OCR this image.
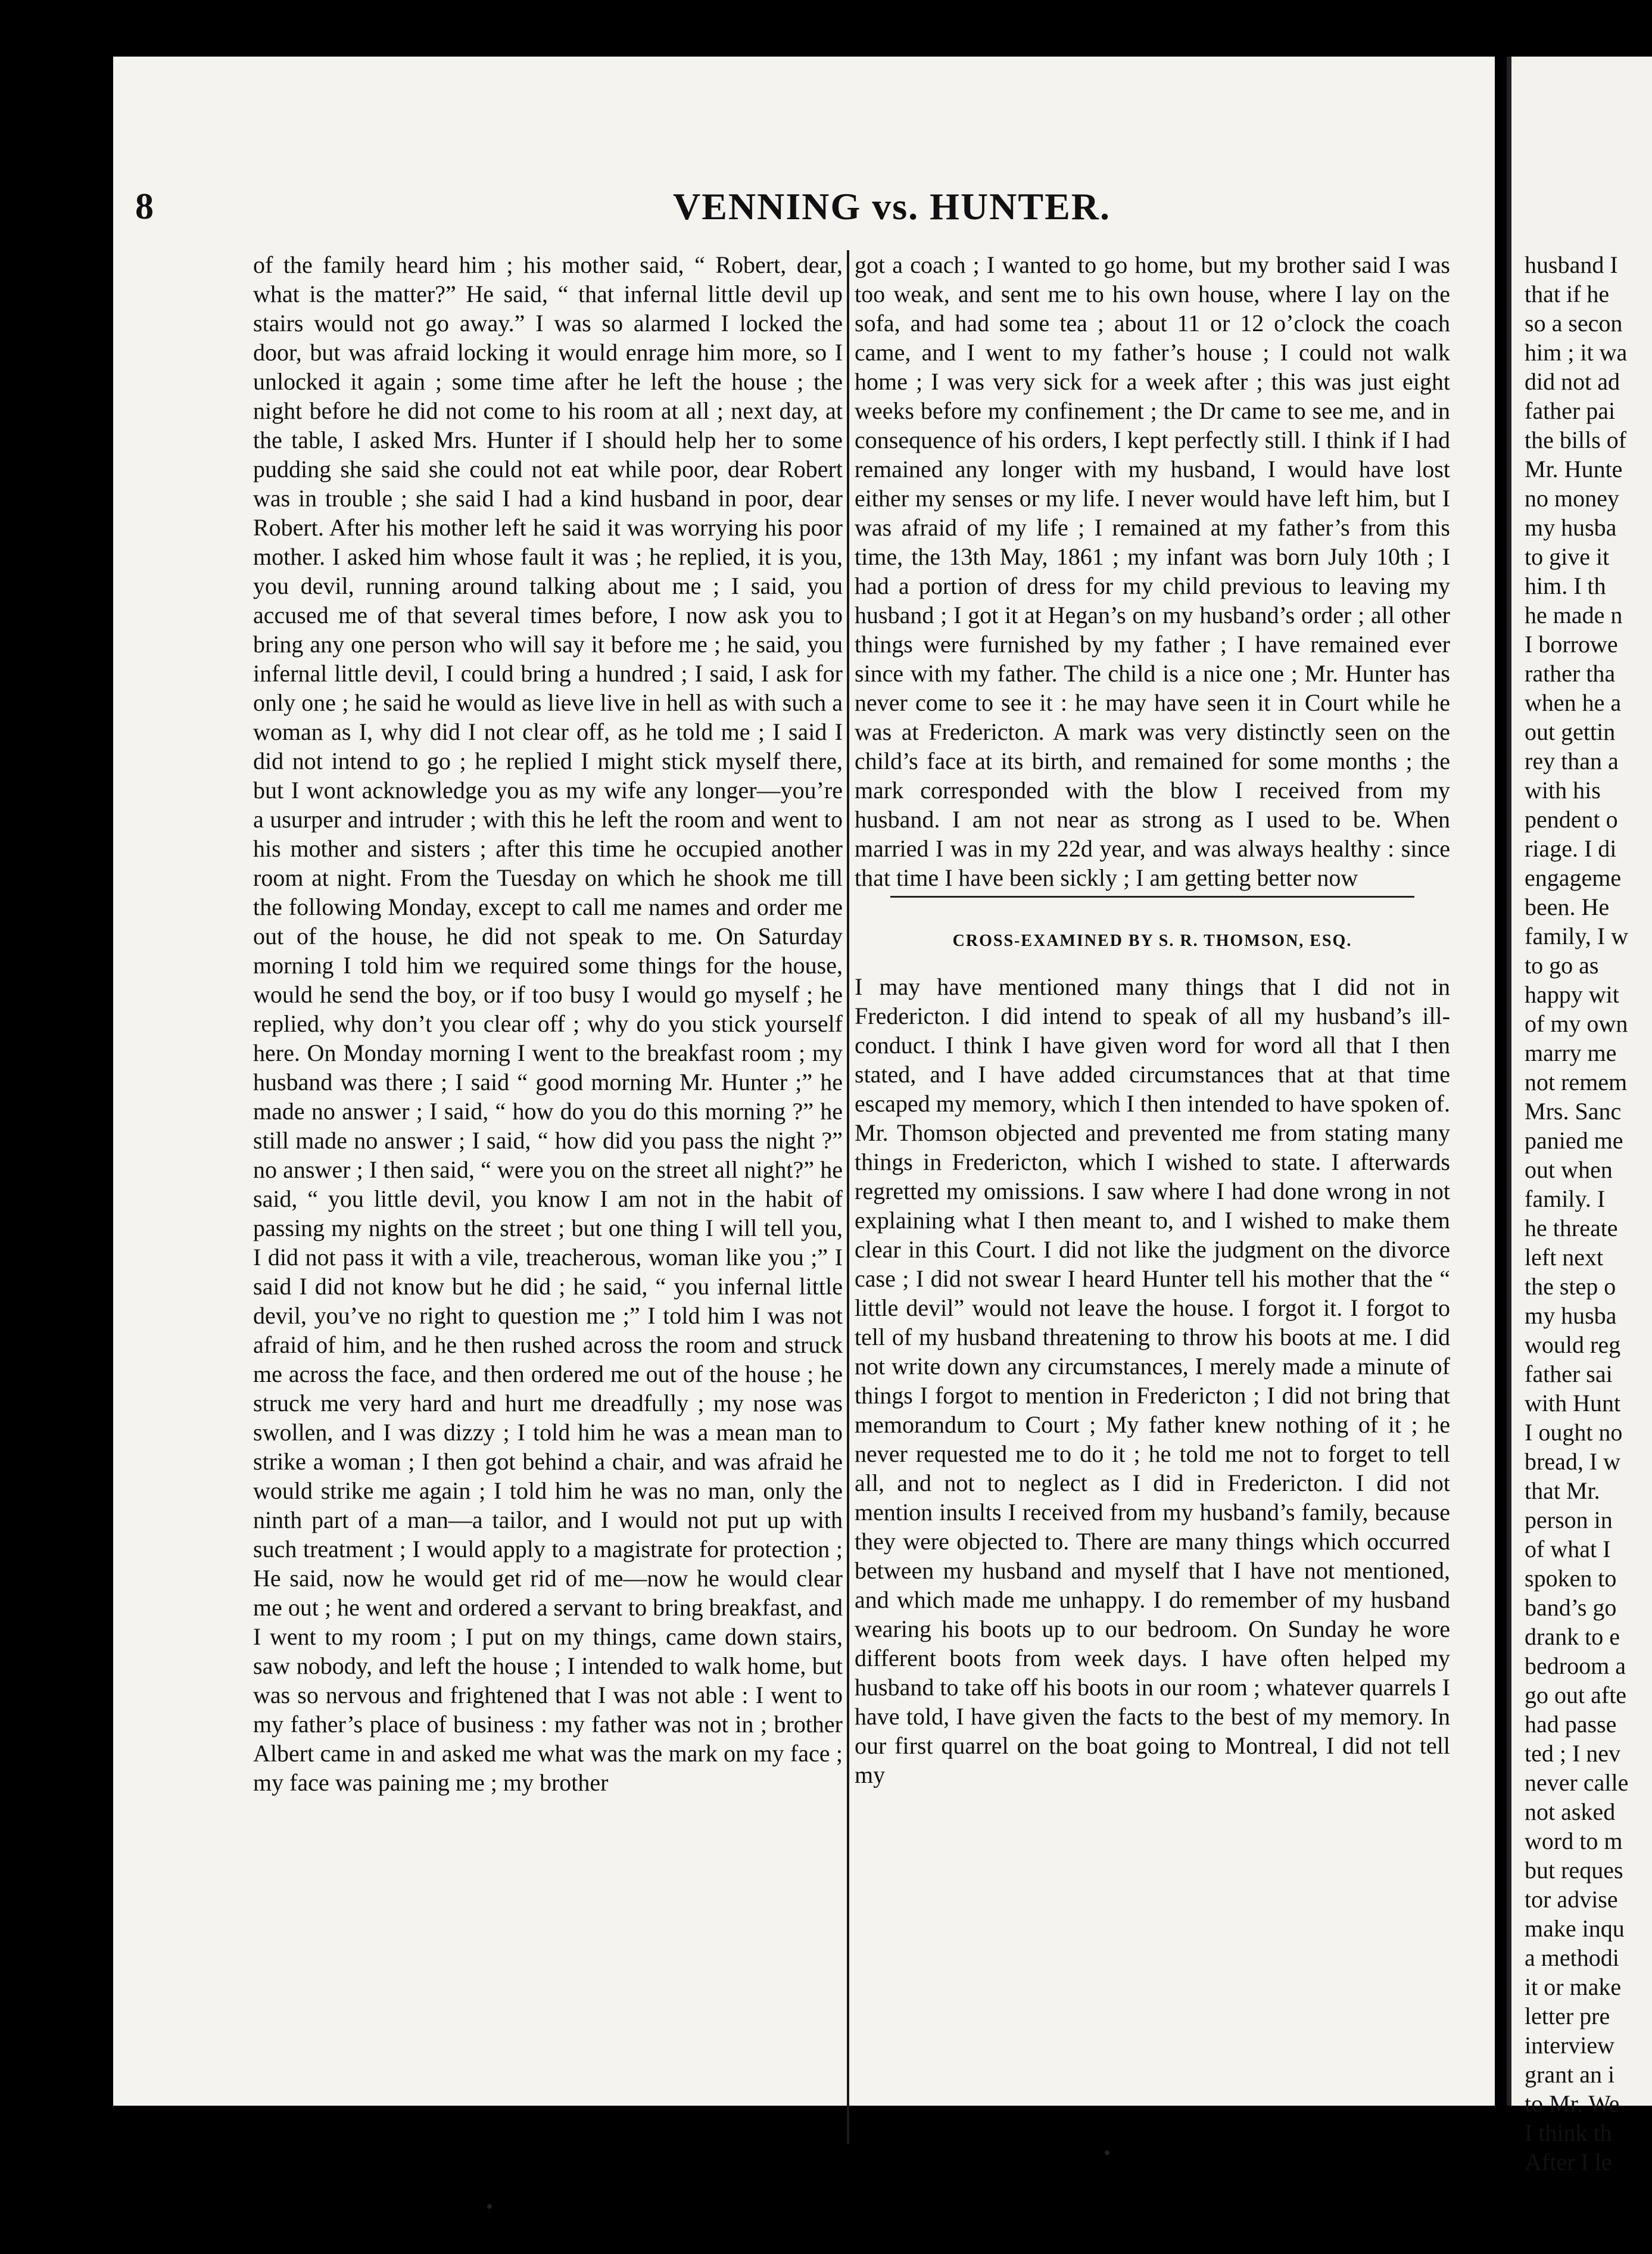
8	VENNING vs. HUNTER.

of the family heard him ; his mother said, “ Robert, dear, what is the matter?” He said, “ that infernal little devil up stairs would not go away.” I was so alarmed I locked the door, but was afraid locking it would enrage him more, so I unlocked it again ; some time after he left the house ; the night before he did not come to his room at all ; next day, at the table, I asked Mrs. Hunter if I should help her to some pudding she said she could not eat while poor, dear Robert was in trouble ; she said I had a kind husband in poor, dear Robert. After his mother left he said it was worrying his poor mother. I asked him whose fault it was ; he replied, it is you, you devil, running around talking about me ; I said, you accused me of that several times before, I now ask you to bring any one person who will say it before me ; he said, you infernal little devil, I could bring a hundred ; I said, I ask for only one ; he said he would as lieve live in hell as with such a woman as I, why did I not clear off, as he told me ; I said I did not intend to go ; he replied I might stick myself there, but I wont acknowledge you as my wife any longer—you’re a usurper and intruder ; with this he left the room and went to his mother and sisters ; after this time he occupied another room at night. From the Tuesday on which he shook me till the following Monday, except to call me names and order me out of the house, he did not speak to me. On Saturday morning I told him we required some things for the house, would he send the boy, or if too busy I would go myself ; he replied, why don’t you clear off ; why do you stick yourself here. On Monday morning I went to the breakfast room ; my husband was there ; I said “ good morning Mr. Hunter ;” he made no answer ; I said, “ how do you do this morning ?” he still made no answer ; I said, “ how did you pass the night ?” no answer ; I then said, “ were you on the street all night?” he said, “ you little devil, you know I am not in the habit of passing my nights on the street ; but one thing I will tell you, I did not pass it with a vile, treacherous, woman like you ;” I said I did not know but he did ; he said, “ you infernal little devil, you’ve no right to question me ;” I told him I was not afraid of him, and he then rushed across the room and struck me across the face, and then ordered me out of the house ; he struck me very hard and hurt me dreadfully ; my nose was swollen, and I was dizzy ; I told him he was a mean man to strike a woman ; I then got behind a chair, and was afraid he would strike me again ; I told him he was no man, only the ninth part of a man—a tailor, and I would not put up with such treatment ; I would apply to a magistrate for protection ; He said, now he would get rid of me—now he would clear me out ; he went and ordered a servant to bring breakfast, and I went to my room ; I put on my things, came down stairs, saw nobody, and left the house ; I intended to walk home, but was so nervous and frightened that I was not able : I went to my father’s place of business : my father was not in ; brother Albert came in and asked me what was the mark on my face ; my face was paining me ; my brother

got a coach ; I wanted to go home, but my brother said I was too weak, and sent me to his own house, where I lay on the sofa, and had some tea ; about 11 or 12 o’clock the coach came, and I went to my father’s house ; I could not walk home ; I was very sick for a week after ; this was just eight weeks before my confinement ; the Dr came to see me, and in consequence of his orders, I kept perfectly still. I think if I had remained any longer with my husband, I would have lost either my senses or my life. I never would have left him, but I was afraid of my life ; I remained at my father’s from this time, the 13th May, 1861 ; my infant was born July 10th ; I had a portion of dress for my child previous to leaving my husband ; I got it at Hegan’s on my husband’s order ; all other things were furnished by my father ; I have remained ever since with my father. The child is a nice one ; Mr. Hunter has never come to see it : he may have seen it in Court while he was at Fredericton. A mark was very distinctly seen on the child’s face at its birth, and remained for some months ; the mark corresponded with the blow I received from my husband. I am not near as strong as I used to be. When married I was in my 22d year, and was always healthy : since that time I have been sickly ; I am getting better now

CROSS-EXAMINED BY S. R. THOMSON, ESQ.

I may have mentioned many things that I did not in Fredericton. I did intend to speak of all my husband’s ill-conduct. I think I have given word for word all that I then stated, and I have added circumstances that at that time escaped my memory, which I then intended to have spoken of. Mr. Thomson objected and prevented me from stating many things in Fredericton, which I wished to state. I afterwards regretted my omissions. I saw where I had done wrong in not explaining what I then meant to, and I wished to make them clear in this Court. I did not like the judgment on the divorce case ; I did not swear I heard Hunter tell his mother that the “ little devil” would not leave the house. I forgot it. I forgot to tell of my husband threatening to throw his boots at me. I did not write down any circumstances, I merely made a minute of things I forgot to mention in Fredericton ; I did not bring that memorandum to Court ; My father knew nothing of it ; he never requested me to do it ; he told me not to forget to tell all, and not to neglect as I did in Fredericton. I did not mention insults I received from my husband’s family, because they were objected to. There are many things which occurred between my husband and myself that I have not mentioned, and which made me unhappy. I do remember of my husband wearing his boots up to our bedroom. On Sunday he wore different boots from week days. I have often helped my husband to take off his boots in our room ; whatever quarrels I have told, I have given the facts to the best of my memory. In our first quarrel on the boat going to Montreal, I did not tell my

husband I
that if he
so a secon
him ; it wa
did not ad
father pai
the bills of
Mr. Hunte
no money
my husba
to give it
him. I th
he made n
I borrowe
rather tha
when he a
out gettin
rey than a
with his
pendent o
riage. I di
engageme
been. He
family, I w
to go as
happy wit
of my own
marry me
not remem
Mrs. Sanc
panied me
out when
family. I
he threate
left next
the step o
my husba
would reg
father sai
with Hunt
I ought no
bread, I w
that Mr.
person in
of what I
spoken to
band’s go
drank to e
bedroom a
go out afte
had passe
ted ; I nev
never calle
not asked
word to m
but reques
tor advise
make inqu
a methodi
it or make
letter pre
interview
grant an i
to Mr. We
I think th
After I le
